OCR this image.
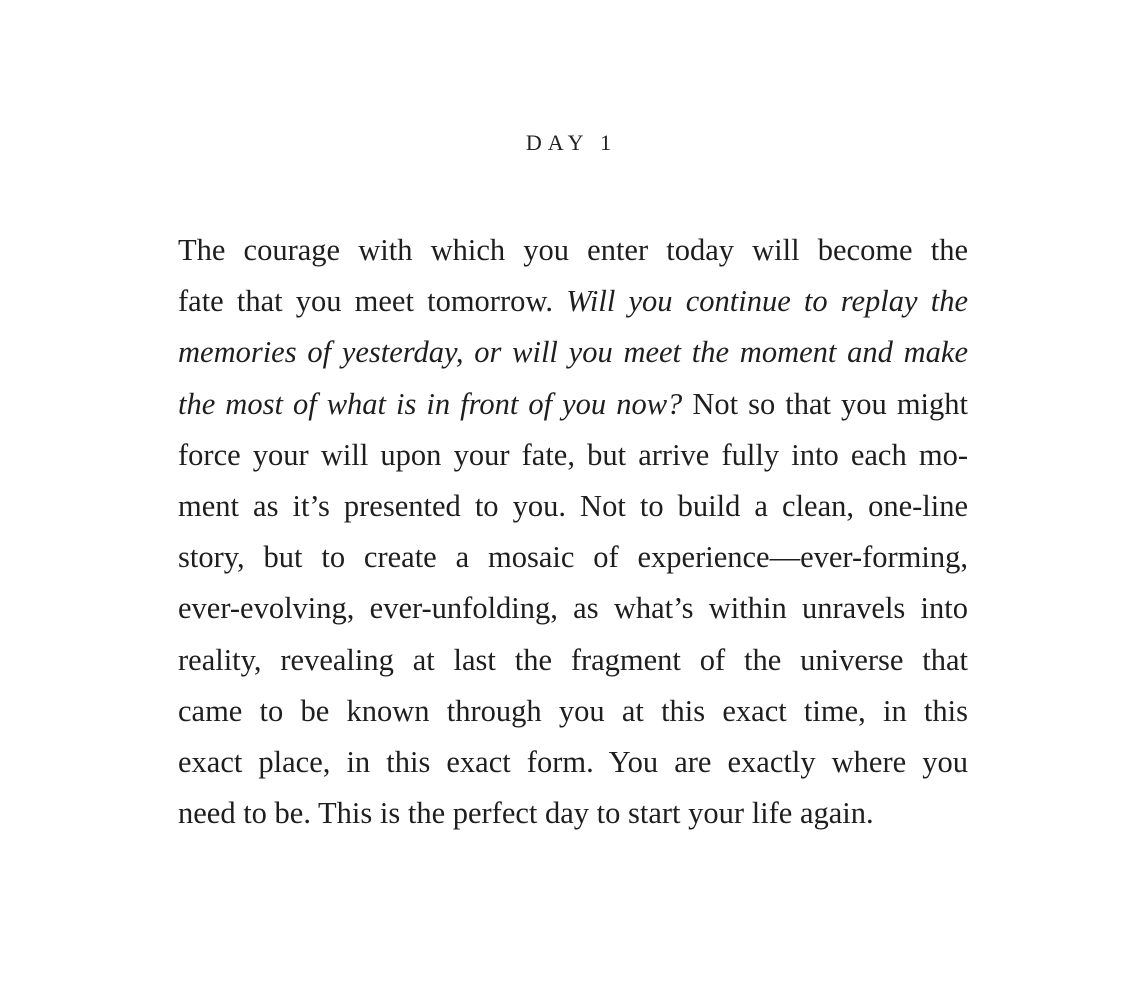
DAY 1
The courage with which you enter today will become the
fate that you meet tomorrow. Will you continue to replay the
memories of yesterday, or will you meet the moment and make
the most of what is in front of you now? Not so that you might
force your will upon your fate, but arrive fully into each mo-
ment as it’s presented to you. Not to build a clean, one-line
story, but to create a mosaic of experience—ever-forming,
ever-evolving, ever-unfolding, as what’s within unravels into
reality, revealing at last the fragment of the universe that
came to be known through you at this exact time, in this
exact place, in this exact form. You are exactly where you
need to be. This is the perfect day to start your life again.
